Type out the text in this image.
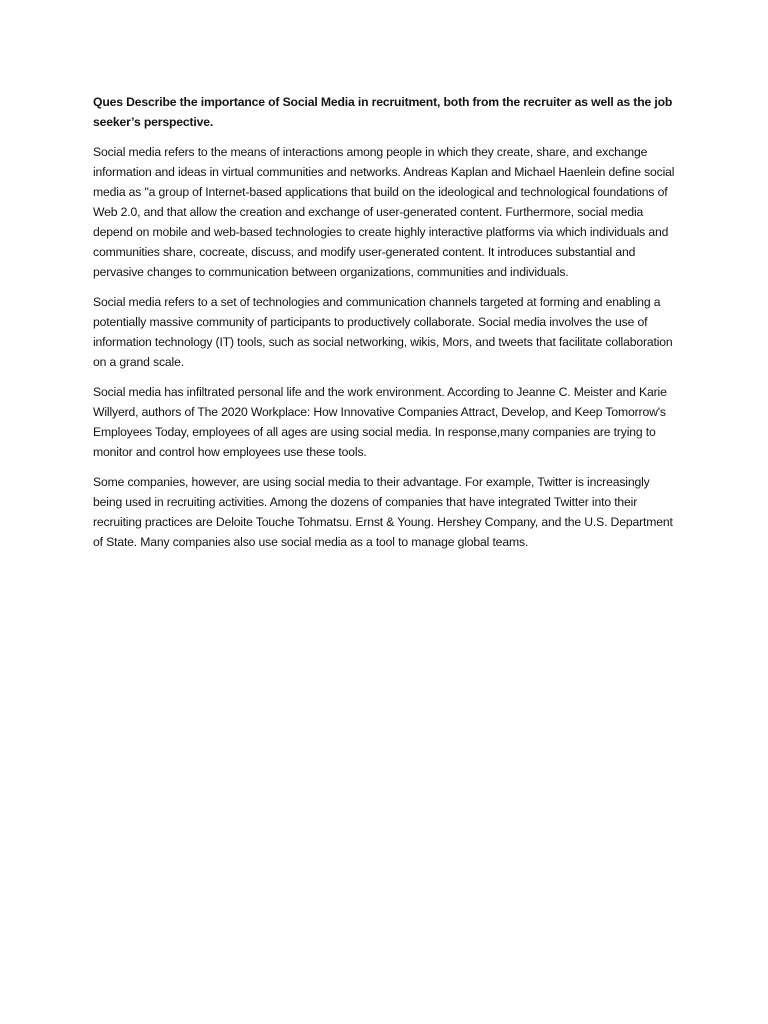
Ques Describe the importance of Social Media in recruitment, both from the recruiter as well as the job seeker’s perspective.

Social media refers to the means of interactions among people in which they create, share, and exchange information and ideas in virtual communities and networks. Andreas Kaplan and Michael Haenlein define social media as "a group of Internet-based applications that build on the ideological and technological foundations of Web 2.0, and that allow the creation and exchange of user-generated content. Furthermore, social media depend on mobile and web-based technologies to create highly interactive platforms via which individuals and communities share, cocreate, discuss, and modify user-generated content. It introduces substantial and pervasive changes to communication between organizations, communities and individuals.

Social media refers to a set of technologies and communication channels targeted at forming and enabling a potentially massive community of participants to productively collaborate. Social media involves the use of information technology (IT) tools, such as social networking, wikis, Mors, and tweets that facilitate collaboration on a grand scale.

Social media has infiltrated personal life and the work environment. According to Jeanne C. Meister and Karie Willyerd, authors of The 2020 Workplace: How Innovative Companies Attract, Develop, and Keep Tomorrow's Employees Today, employees of all ages are using social media. In response,many companies are trying to monitor and control how employees use these tools.

Some companies, however, are using social media to their advantage. For example, Twitter is increasingly being used in recruiting activities. Among the dozens of companies that have integrated Twitter into their recruiting practices are Deloite Touche Tohmatsu. Ernst & Young. Hershey Company, and the U.S. Department of State. Many companies also use social media as a tool to manage global teams.
